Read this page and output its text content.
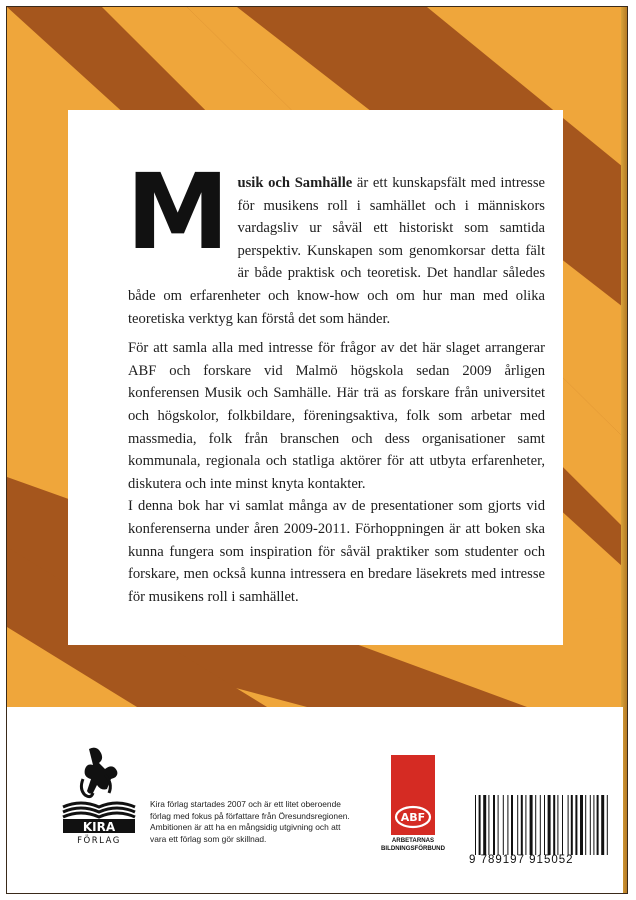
Musik och Samhälle är ett kunskapsfält med intresse för musikens roll i samhället och i människors vardagsliv ur såväl ett historiskt som samtida perspektiv. Kunskapen som genomkorsar detta fält är både praktisk och teoretisk. Det handlar således både om erfarenheter och know-how och om hur man med olika teoretiska verktyg kan förstå det som händer.

För att samla alla med intresse för frågor av det här slaget arrangerar ABF och forskare vid Malmö högskola sedan 2009 årligen konferensen Musik och Samhälle. Här trä as forskare från universitet och högskolor, folkbildare, föreningsaktiva, folk som arbetar med massmedia, folk från branschen och dess organisationer samt kommunala, regionala och statliga aktörer för att utbyta erfarenheter, diskutera och inte minst knyta kontakter.

I denna bok har vi samlat många av de presentationer som gjorts vid konferenserna under åren 2009-2011. Förhoppningen är att boken ska kunna fungera som inspiration för såväl praktiker som studenter och forskare, men också kunna intressera en bredare läsekrets med intresse för musikens roll i samhället.

KIRA
FÖRLAG
Kira förlag startades 2007 och är ett litet oberoende
förlag med fokus på författare från Öresundsregionen.
Ambitionen är att ha en mångsidig utgivning och att
vara ett förlag som gör skillnad.
ABF
ARBETARNAS
BILDNINGSFÖRBUND
9 789197 915052
